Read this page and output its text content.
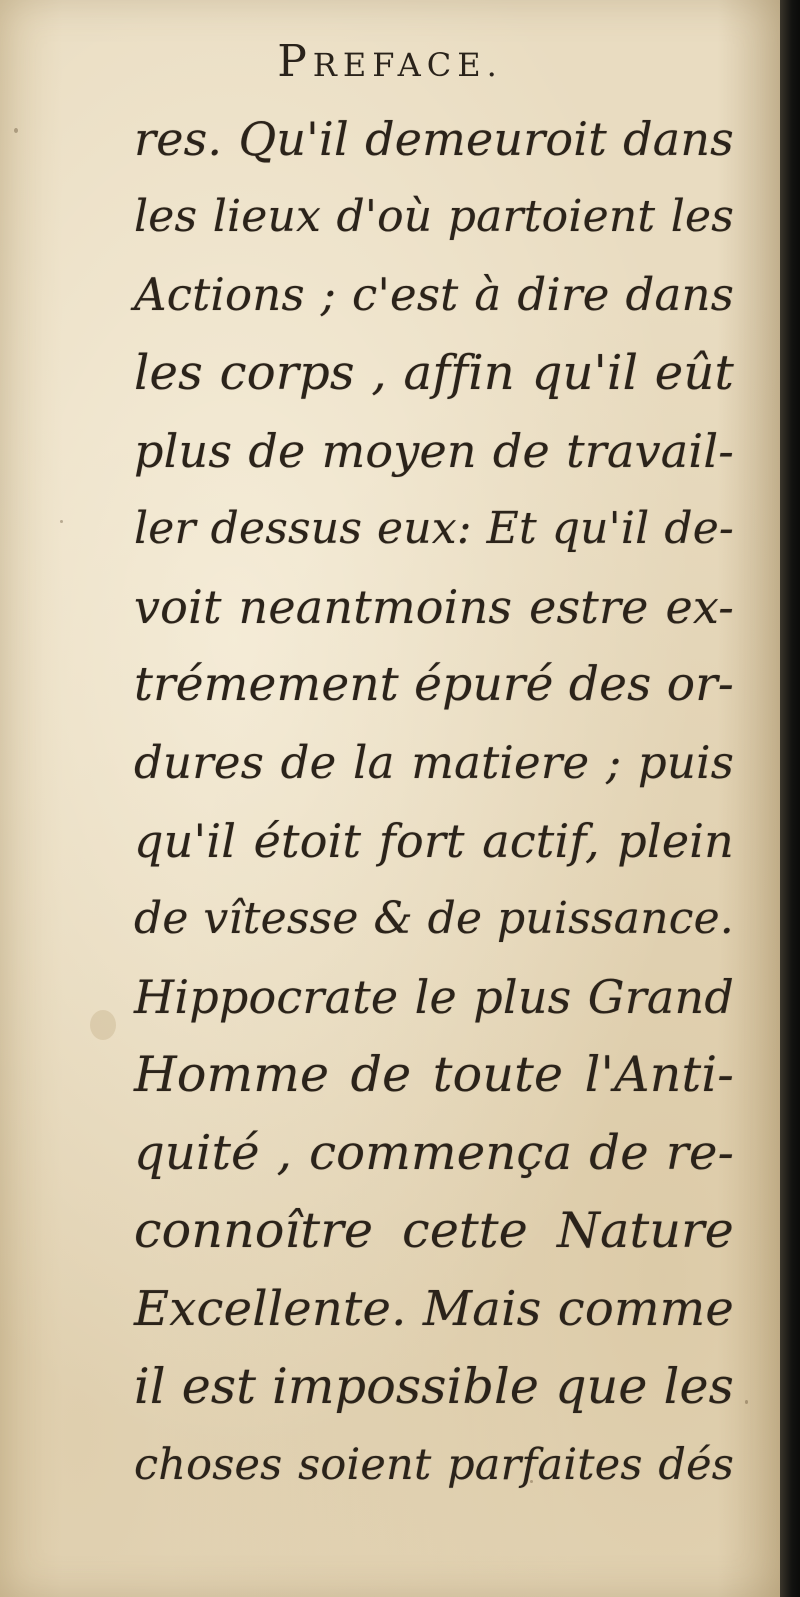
PREFACE.
res. Qu'il demeuroit dans
les lieux d'où partoient les
Actions ; c'est à dire dans
les corps , affin qu'il eût
plus de moyen de travail-
ler dessus eux: Et qu'il de-
voit neantmoins estre ex-
trémement épuré des or-
dures de la matiere ; puis
qu'il étoit fort actif, plein
de vîtesse & de puissance.
Hippocrate le plus Grand
Homme de toute l'Anti-
quité , commença de re-
connoître cette Nature
Excellente. Mais comme
il est impossible que les
choses soient parfaites dés
